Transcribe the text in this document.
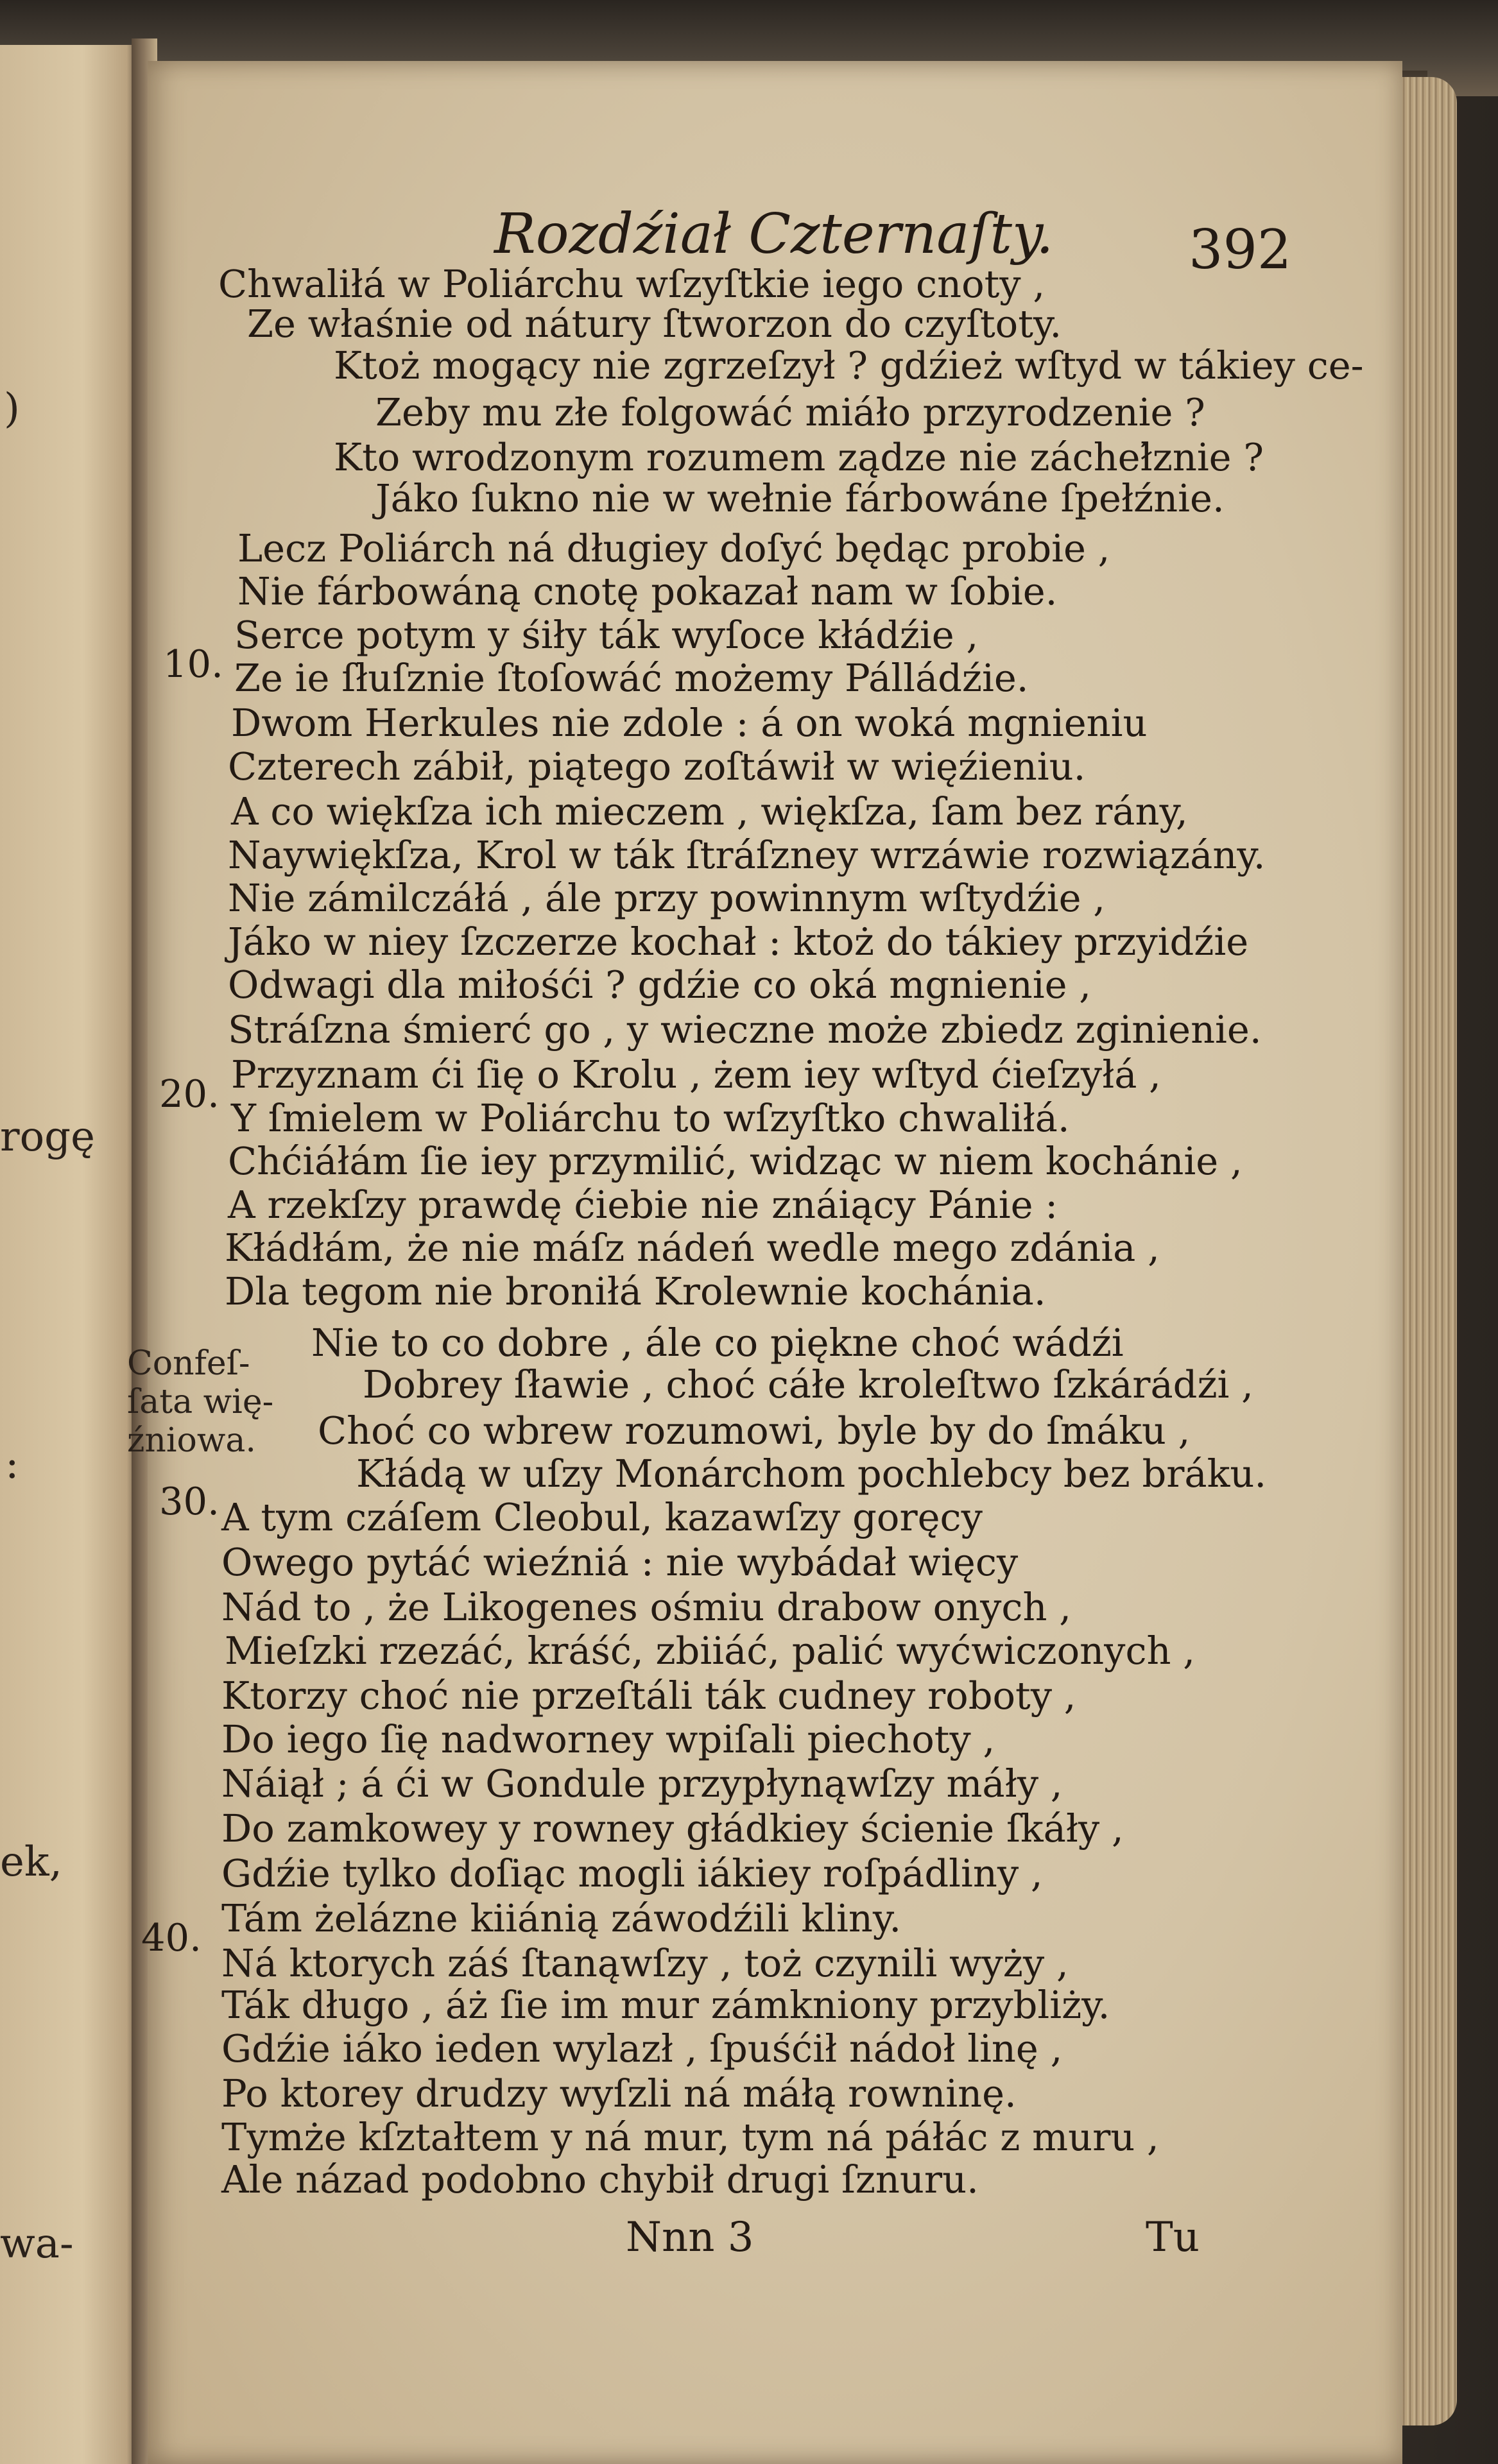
)
rogę
:
ek,
wa-
Rozdźiał Czternaſty.	392
Chwaliłá w Poliárchu wſzyſtkie iego cnoty ,
Ze właśnie od nátury ſtworzon do czyſtoty.
Ktoż mogący nie zgrzeſzył ? gdźież wſtyd w tákiey ce-
Zeby mu złe folgowáć miáło przyrodzenie ?
Kto wrodzonym rozumem ządze nie zácheł́znie ?
Jáko ſukno nie w wełnie fárbowáne ſpełźnie.
Lecz Poliárch ná długiey doſyć będąc probie ,
Nie fárbowáną cnotę pokazał nam w ſobie.
Serce potym y śiły ták wyſoce kłádźie ,
Ze ie ſłuſznie ſtoſowáć możemy Pálládźie.
Dwom Herkules nie zdole : á on woká mgnieniu
Czterech zábił, piątego zoſtáwił w więźieniu.
A co więkſza ich mieczem , więkſza, ſam bez rány,
Naywiękſza, Krol w ták ſtráſzney wrzáwie rozwiązány.
Nie zámilczáłá , ále przy powinnym wſtydźie ,
Jáko w niey ſzczerze kochał : ktoż do tákiey przyidźie
Odwagi dla miłośći ? gdźie co oká mgnienie ,
Stráſzna śmierć go , y wieczne może zbiedz zginienie.
Przyznam ći ſię o Krolu , żem iey wſtyd ćieſzyłá ,
Y ſmielem w Poliárchu to wſzyſtko chwaliłá.
Chćiáłám ſie iey przymilić, widząc w niem kochánie ,
A rzekſzy prawdę ćiebie nie znáiący Pánie :
Kłádłám, że nie máſz nádeń wedle mego zdánia ,
Dla tegom nie broniłá Krolewnie kochánia.
Nie to co dobre , ále co piękne choć wádźi
Dobrey ſławie , choć cáłe kroleſtwo ſzkárádźi ,
Choć co wbrew rozumowi, byle by do ſmáku ,
Kłádą w uſzy Monárchom pochlebcy bez bráku.
A tym czáſem Cleobul, kazawſzy goręcy
Owego pytáć wieźniá : nie wybádał więcy
Nád to , że Likogenes ośmiu drabow onych ,
Mieſzki rzezáć, kráść, zbiiáć, palić wyćwiczonych ,
Ktorzy choć nie przeſtáli ták cudney roboty ,
Do iego ſię nadworney wpiſali piechoty ,
Náiął ; á ći w Gondule przypłynąwſzy máły ,
Do zamkowey y rowney głádkiey ścienie ſkáły ,
Gdźie tylko doſiąc mogli iákiey roſpádliny ,
Tám żelázne kiiánią záwodźili kliny.
Ná ktorych záś ſtanąwſzy , toż czynili wyży ,
Ták długo , áż ſie im mur zámkniony przybliży.
Gdźie iáko ieden wylazł , ſpuśćił nádoł linę ,
Po ktorey drudzy wyſzli ná máłą rowninę.
Tymże kſztałtem y ná mur, tym ná páłác z muru ,
Ale názad podobno chybił drugi ſznuru.
10.
20.
30.
40.
Confeſ-
ſata wię-
źniowa.
Nnn 3	Tu
